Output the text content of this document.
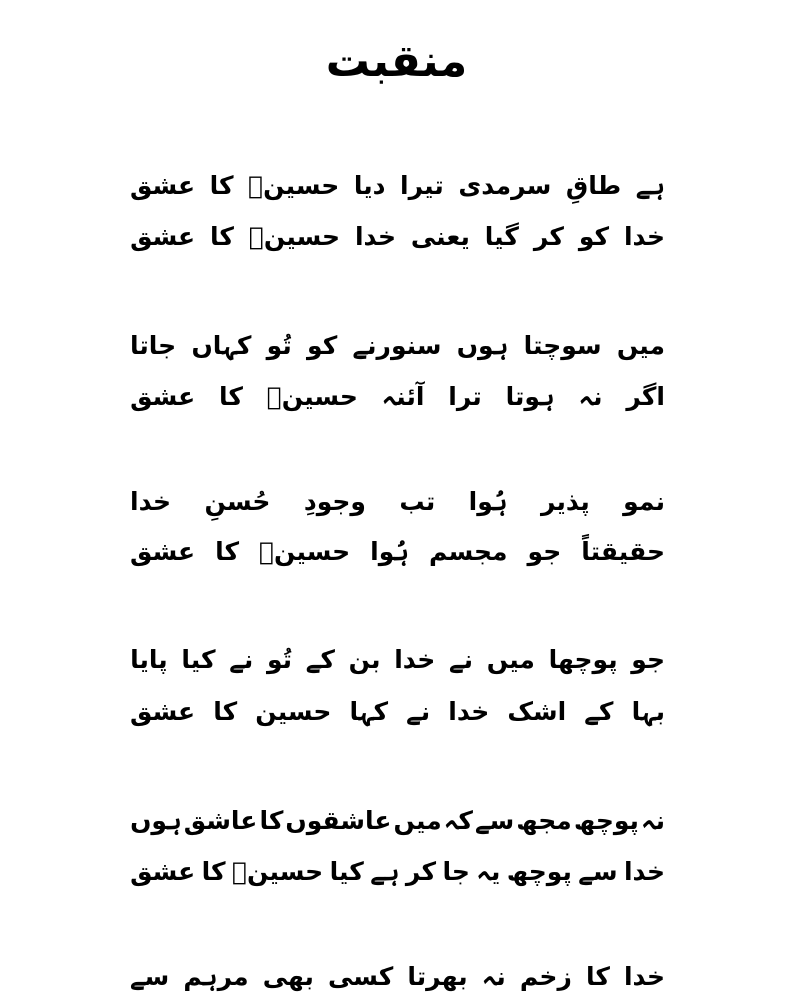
منقبت
ہے
طاقِ
سرمدی
تیرا
دیا
حسینؑ
کا
عشق
خدا
کو
کر
گیا
یعنی
خدا
حسینؑ
کا
عشق
میں
سوچتا
ہوں
سنورنے
کو
تُو
کہاں
جاتا
اگر
نہ
ہوتا
ترا
آئنہ
حسینؑ
کا
عشق
نمو
پذیر
ہُوا
تب
وجودِ
حُسنِ
خدا
حقیقتاً
جو
مجسم
ہُوا
حسینؑ
کا
عشق
جو
پوچھا
میں
نے
خدا
بن
کے
تُو
نے
کیا
پایا
بہا
کے
اشک
خدا
نے
کہا
حسین
کا
عشق
نہ
پوچھ
مجھ
سے
کہ
میں
عاشقوں
کا
عاشق
ہوں
خدا
سے
پوچھ
یہ
جا
کر
ہے
کیا
حسینؑ
کا
عشق
خدا
کا
زخم
نہ
بھرتا
کسی
بھی
مرہم
سے
